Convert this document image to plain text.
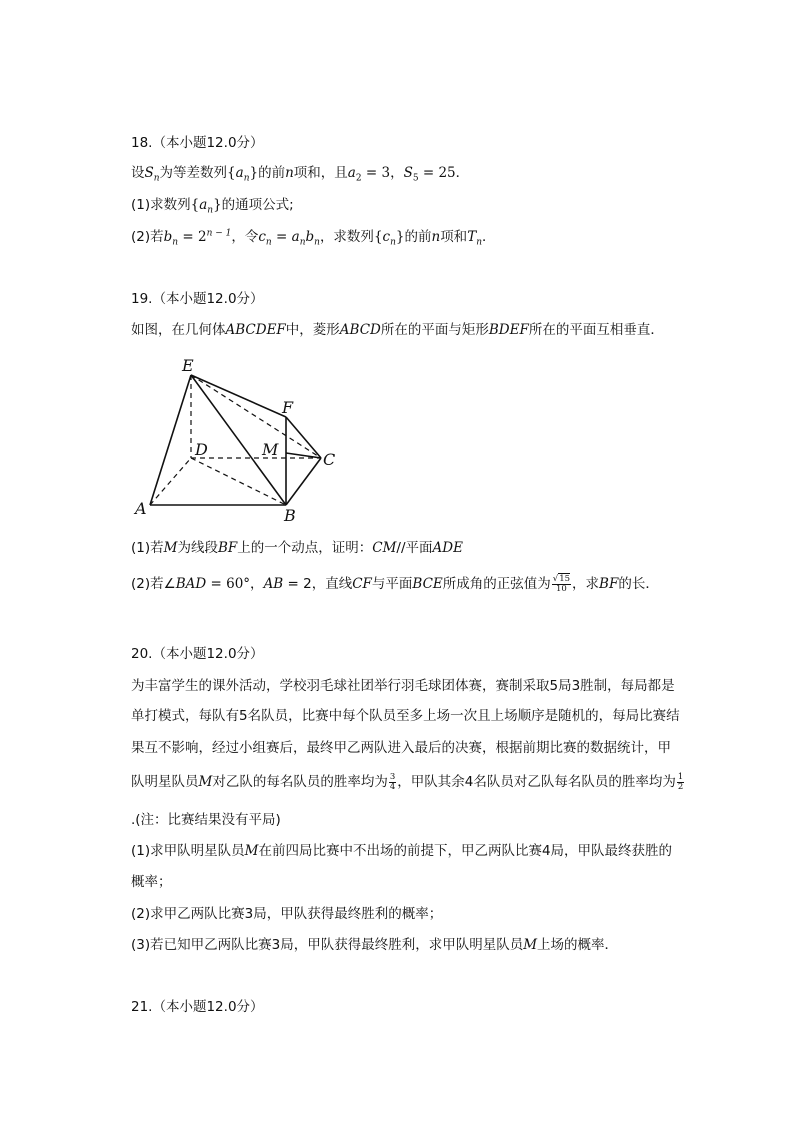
18.（本小题12.0分）
设$S_n$为等差数列$\{a_n\}$的前n项和，且$a_2 = 3$，$S_5 = 25$．
(1)求数列$\{a_n\}$的通项公式;
(2)若$b_n = 2^{n - 1}$，令$c_n = a_nb_n$，求数列$\{c_n\}$的前n项和$T_n$．
19.（本小题12.0分）
如图，在几何体ABCDEF中，菱形ABCD所在的平面与矩形BDEF所在的平面互相垂直．
E
F
D	M
C
A	B
(1)若M为线段BF上的一个动点，证明：CM//平面ADE
(2)若∠BAD = 60°，AB = 2，直线CF与平面BCE所成角的正弦值为 $\frac{√15}{10}$ ，求BF的长．
20.（本小题12.0分）
为丰富学生的课外活动，学校羽毛球社团举行羽毛球团体赛，赛制采取5局3胜制，每局都是
单打模式，每队有5名队员，比赛中每个队员至多上场一次且上场顺序是随机的，每局比赛结
果互不影响，经过小组赛后，最终甲乙两队进入最后的决赛，根据前期比赛的数据统计，甲
队明星队员M对乙队的每名队员的胜率均为 $\frac{3}{4}$ ，甲队其余4名队员对乙队每名队员的胜率均为 $\frac{1}{2}$
.(注：比赛结果没有平局)
(1)求甲队明星队员M在前四局比赛中不出场的前提下，甲乙两队比赛4局，甲队最终获胜的
概率；
(2)求甲乙两队比赛3局，甲队获得最终胜利的概率；
(3)若已知甲乙两队比赛3局，甲队获得最终胜利，求甲队明星队员M上场的概率．
21.（本小题12.0分）
